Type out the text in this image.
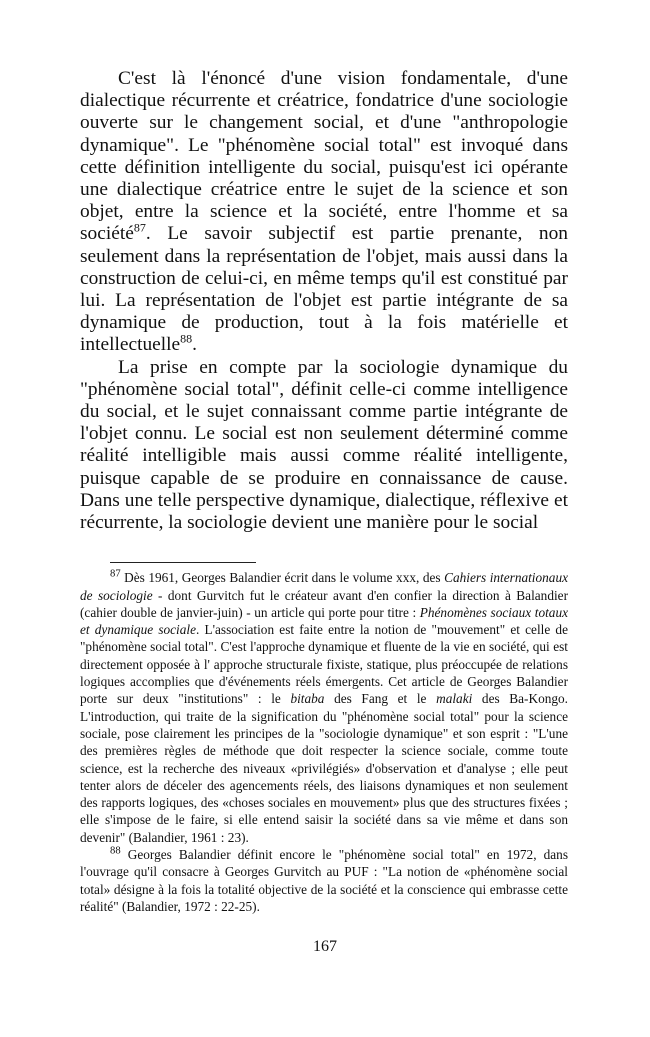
C'est là l'énoncé d'une vision fondamentale, d'une dialectique récurrente et créatrice, fondatrice d'une sociologie ouverte sur le changement social, et d'une "anthropologie dynamique". Le "phénomène social total" est invoqué dans cette définition intelligente du social, puisqu'est ici opérante une dialectique créatrice entre le sujet de la science et son objet, entre la science et la société, entre l'homme et sa société$^{87}$. Le savoir subjectif est partie prenante, non seulement dans la représentation de l'objet, mais aussi dans la construction de celui-ci, en même temps qu'il est constitué par lui. La représentation de l'objet est partie intégrante de sa dynamique de production, tout à la fois matérielle et intellectuelle$^{88}$.

La prise en compte par la sociologie dynamique du "phénomène social total", définit celle-ci comme intelligence du social, et le sujet connaissant comme partie intégrante de l'objet connu. Le social est non seulement déterminé comme réalité intelligible mais aussi comme réalité intelligente, puisque capable de se produire en connaissance de cause. Dans une telle perspective dynamique, dialectique, réflexive et récurrente, la sociologie devient une manière pour le social

$^{87}$ Dès 1961, Georges Balandier écrit dans le volume xxx, des Cahiers internationaux de sociologie - dont Gurvitch fut le créateur avant d'en confier la direction à Balandier (cahier double de janvier-juin) - un article qui porte pour titre : Phénomènes sociaux totaux et dynamique sociale. L'association est faite entre la notion de "mouvement" et celle de "phénomène social total". C'est l'approche dynamique et fluente de la vie en société, qui est directement opposée à l' approche structurale fixiste, statique, plus préoccupée de relations logiques accomplies que d'événements réels émergents. Cet article de Georges Balandier porte sur deux "institutions" : le bitaba des Fang et le malaki des Ba-Kongo. L'introduction, qui traite de la signification du "phénomène social total" pour la science sociale, pose clairement les principes de la "sociologie dynamique" et son esprit : "L'une des premières règles de méthode que doit respecter la science sociale, comme toute science, est la recherche des niveaux «privilégiés» d'observation et d'analyse ; elle peut tenter alors de déceler des agencements réels, des liaisons dynamiques et non seulement des rapports logiques, des «choses sociales en mouvement» plus que des structures fixées ; elle s'impose de le faire, si elle entend saisir la société dans sa vie même et dans son devenir" (Balandier, 1961 : 23).

$^{88}$ Georges Balandier définit encore le "phénomène social total" en 1972, dans l'ouvrage qu'il consacre à Georges Gurvitch au PUF : "La notion de «phénomène social total» désigne à la fois la totalité objective de la société et la conscience qui embrasse cette réalité" (Balandier, 1972 : 22-25).

167
